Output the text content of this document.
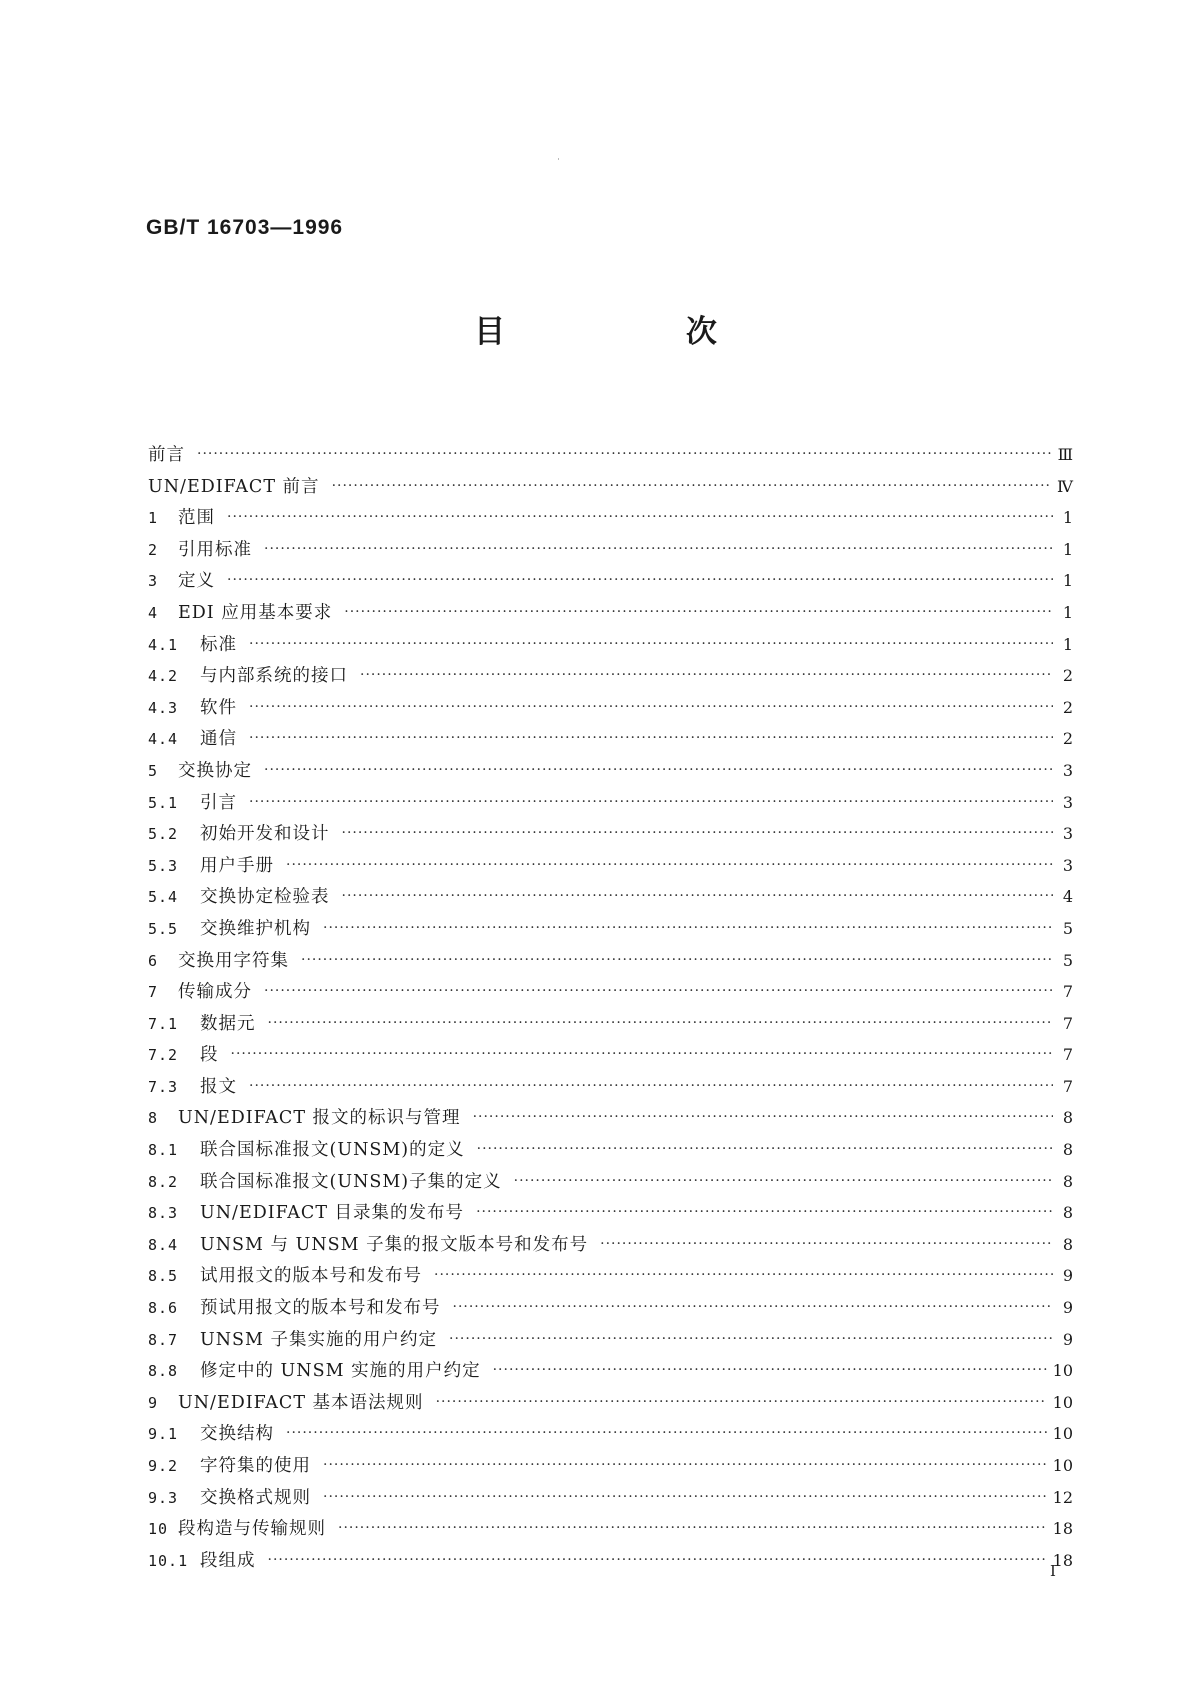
GB/T 16703—1996

目 次
前言 ·····	Ⅲ
UN/EDIFACT 前言 ·····	Ⅳ
1	范围 ·····	1
2	引用标准 ·····	1
3	定义 ·····	1
4	EDI 应用基本要求 ·····	1
4.1	标准 ·····	1
4.2	与内部系统的接口 ·····	2
4.3	软件 ·····	2
4.4	通信 ·····	2
5	交换协定 ·····	3
5.1	引言 ·····	3
5.2	初始开发和设计 ·····	3
5.3	用户手册 ·····	3
5.4	交换协定检验表 ·····	4
5.5	交换维护机构 ·····	5
6	交换用字符集 ·····	5
7	传输成分 ·····	7
7.1	数据元 ·····	7
7.2	段 ·····	7
7.3	报文 ·····	7
8	UN/EDIFACT 报文的标识与管理 ·····	8
8.1	联合国标准报文(UNSM)的定义 ·····	8
8.2	联合国标准报文(UNSM)子集的定义 ·····	8
8.3	UN/EDIFACT 目录集的发布号 ·····	8
8.4	UNSM 与 UNSM 子集的报文版本号和发布号 ·····	8
8.5	试用报文的版本号和发布号 ·····	9
8.6	预试用报文的版本号和发布号 ·····	9
8.7	UNSM 子集实施的用户约定 ·····	9
8.8	修定中的 UNSM 实施的用户约定 ·····	10
9	UN/EDIFACT 基本语法规则 ·····	10
9.1	交换结构 ·····	10
9.2	字符集的使用 ·····	10
9.3	交换格式规则 ·····	12
10 段构造与传输规则 ·····	18
10.1 段组成 ·····	18

Ⅰ
